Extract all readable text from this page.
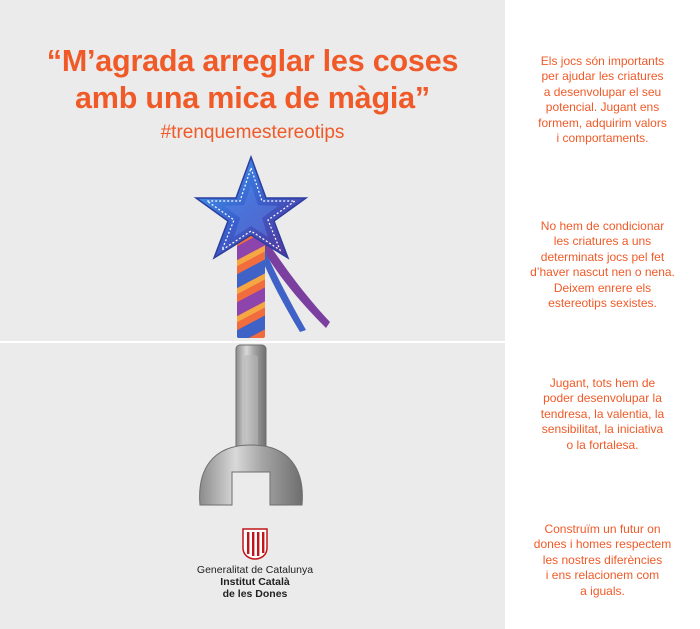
“M’agrada arreglar les coses
amb una mica de màgia”
#trenquemestereotips
Generalitat de Catalunya
Institut Català
de les Dones
Els jocs són importants
per ajudar les criatures
a desenvolupar el seu
potencial. Jugant ens
formem, adquirim valors
i comportaments.
No hem de condicionar
les criatures a uns
determinats jocs pel fet
d’haver nascut nen o nena.
Deixem enrere els
estereotips sexistes.
Jugant, tots hem de
poder desenvolupar la
tendresa, la valentia, la
sensibilitat, la iniciativa
o la fortalesa.
Construïm un futur on
dones i homes respectem
les nostres diferències
i ens relacionem com
a iguals.
